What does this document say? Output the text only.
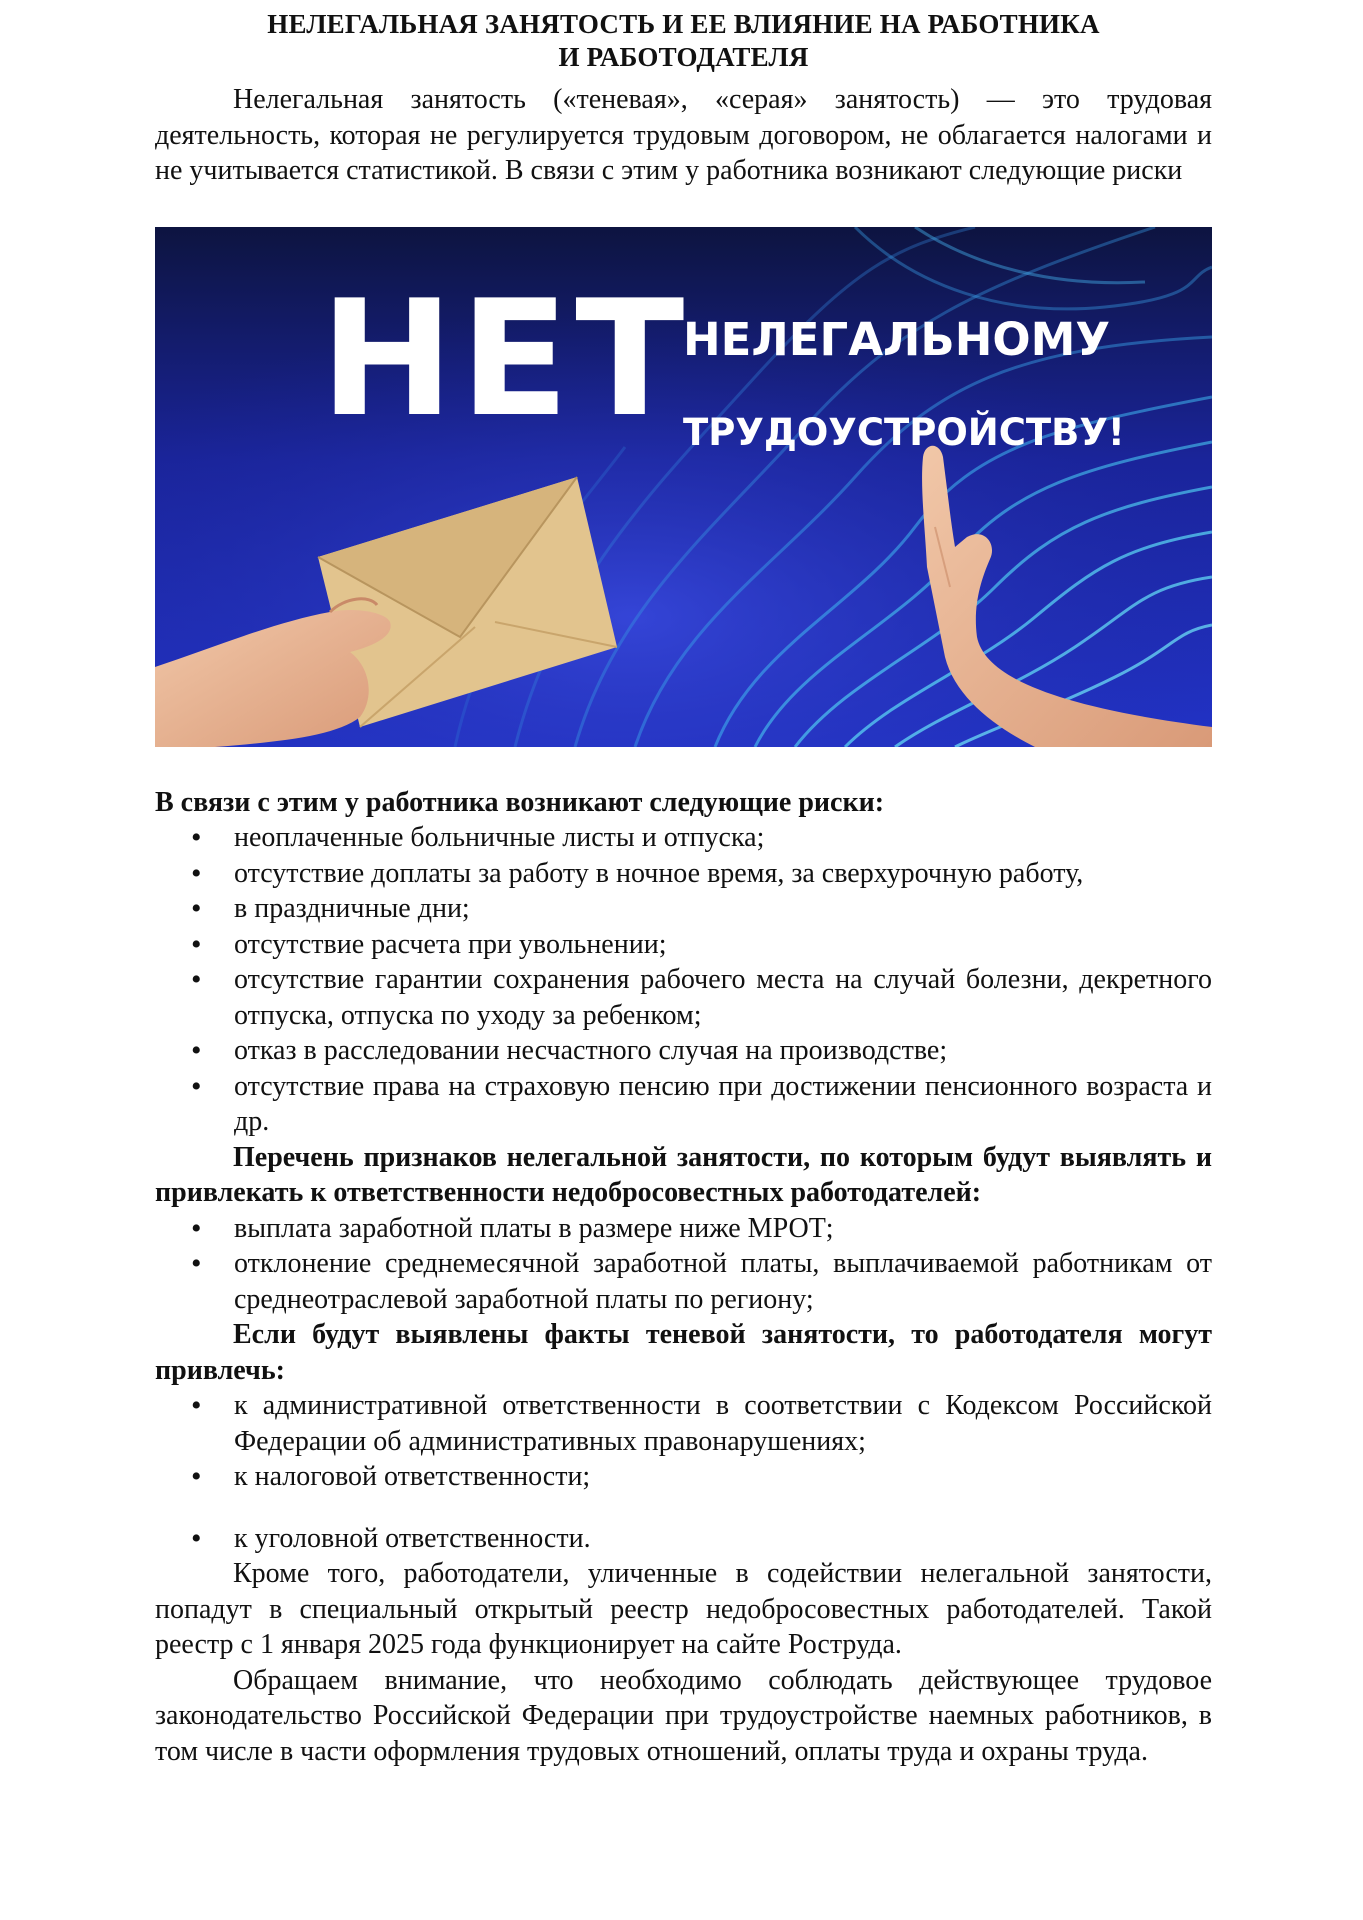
НЕЛЕГАЛЬНАЯ ЗАНЯТОСТЬ И ЕЕ ВЛИЯНИЕ НА РАБОТНИКА
И РАБОТОДАТЕЛЯ

Нелегальная занятость («теневая», «серая» занятость) — это трудовая деятельность, которая не регулируется трудовым договором, не облагается налогами и не учитывается статистикой. В связи с этим у работника возникают следующие риски

НЕТ
НЕЛЕГАЛЬНОМУ
ТРУДОУСТРОЙСТВУ!

В связи с этим у работника возникают следующие риски:

• неоплаченные больничные листы и отпуска;
• отсутствие доплаты за работу в ночное время, за сверхурочную работу,
• в праздничные дни;
• отсутствие расчета при увольнении;
• отсутствие гарантии сохранения рабочего места на случай болезни, декретного отпуска, отпуска по уходу за ребенком;
• отказ в расследовании несчастного случая на производстве;
• отсутствие права на страховую пенсию при достижении пенсионного возраста и др.

Перечень признаков нелегальной занятости, по которым будут выявлять и привлекать к ответственности недобросовестных работодателей:

• выплата заработной платы в размере ниже МРОТ;
• отклонение среднемесячной заработной платы, выплачиваемой работникам от среднеотраслевой заработной платы по региону;

Если будут выявлены факты теневой занятости, то работодателя могут привлечь:

• к административной ответственности в соответствии с Кодексом Российской Федерации об административных правонарушениях;
• к налоговой ответственности;
• к уголовной ответственности.

Кроме того, работодатели, уличенные в содействии нелегальной занятости, попадут в специальный открытый реестр недобросовестных работодателей. Такой реестр с 1 января 2025 года функционирует на сайте Роструда.

Обращаем внимание, что необходимо соблюдать действующее трудовое законодательство Российской Федерации при трудоустройстве наемных работников, в том числе в части оформления трудовых отношений, оплаты труда и охраны труда.
